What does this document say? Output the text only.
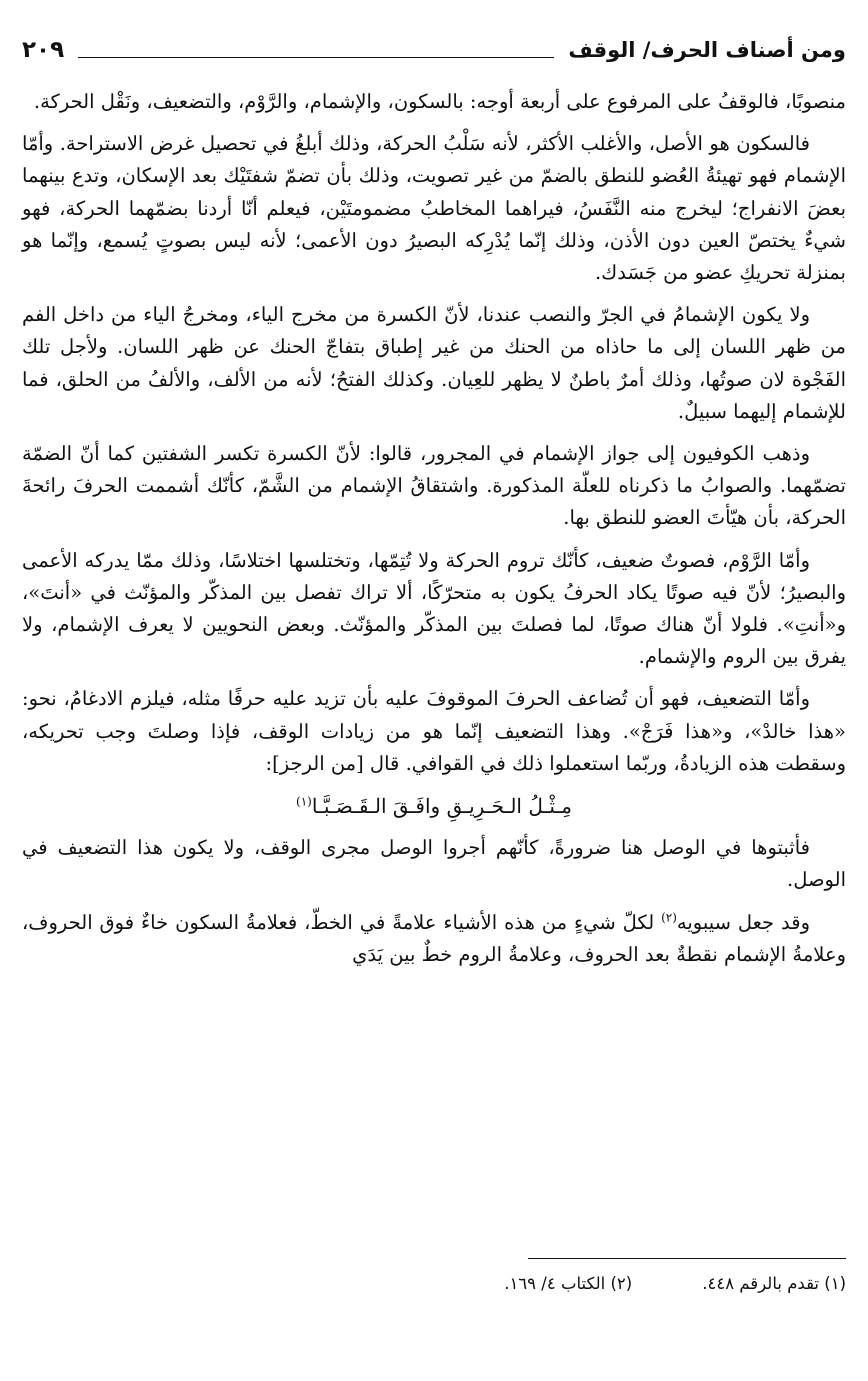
ومن أصناف الحرف/ الوقف
٢٠٩

منصوبًا، فالوقفُ على المرفوع على أربعة أوجه: بالسكون، والإشمام، والرَّوْم، والتضعيف، ونَقْل الحركة.

فالسكون هو الأصل، والأغلب الأكثر، لأنه سَلْبُ الحركة، وذلك أبلغُ في تحصيل غرض الاستراحة. وأمّا الإشمام فهو تهيئةُ العُضو للنطق بالضمّ من غير تصويت، وذلك بأن تضمّ شفتَيْك بعد الإسكان، وتدع بينهما بعضَ الانفراج؛ ليخرج منه النَّفَسُ، فيراهما المخاطبُ مضمومتَيْن، فيعلم أنّا أردنا بضمّهما الحركة، فهو شيءٌ يختصّ العين دون الأذن، وذلك إنّما يُدْرِكه البصيرُ دون الأعمى؛ لأنه ليس بصوتٍ يُسمع، وإنّما هو بمنزلة تحريكِ عضو من جَسَدك.

ولا يكون الإشمامُ في الجرّ والنصب عندنا، لأنّ الكسرة من مخرج الياء، ومخرجُ الياء من داخل الفم من ظهر اللسان إلى ما حاذاه من الحنك من غير إطباق بتفاجّ الحنك عن ظهر اللسان. ولأجل تلك الفَجْوة لان صوتُها، وذلك أمرٌ باطنٌ لا يظهر للعِيان. وكذلك الفتحُ؛ لأنه من الألف، والألفُ من الحلق، فما للإشمام إليهما سبيلٌ.

وذهب الكوفيون إلى جواز الإشمام في المجرور، قالوا: لأنّ الكسرة تكسر الشفتين كما أنّ الضمّة تضمّهما. والصوابُ ما ذكرناه للعلّة المذكورة. واشتقاقُ الإشمام من الشَّمّ، كأنّك أشممت الحرفَ رائحةَ الحركة، بأن هيّأتَ العضو للنطق بها.

وأمّا الرَّوْم، فصوتٌ ضعيف، كأنّك تروم الحركة ولا تُتِمّها، وتختلسها اختلاسًا، وذلك ممّا يدركه الأعمى والبصيرُ؛ لأنّ فيه صوتًا يكاد الحرفُ يكون به متحرّكًا، ألا تراك تفصل بين المذكّر والمؤنّث في «أنتَ»، و«أنتِ». فلولا أنّ هناك صوتًا، لما فصلتَ بين المذكّر والمؤنّث. وبعض النحويين لا يعرف الإشمام، ولا يفرق بين الروم والإشمام.

وأمّا التضعيف، فهو أن تُضاعف الحرفَ الموقوفَ عليه بأن تزيد عليه حرفًا مثله، فيلزم الادغامُ، نحو: «هذا خالدْ»، و«هذا فَرَجْ». وهذا التضعيف إنّما هو من زيادات الوقف، فإذا وصلتَ وجب تحريكه، وسقطت هذه الزيادةُ، وربّما استعملوا ذلك في القوافي. قال [من الرجز]:

مِـثْـلُ الـحَـرِيـقِ وافَـقَ الـقَـصَـبَّـا$^{(١)}$

فأثبتوها في الوصل هنا ضرورةً، كأنّهم أجروا الوصل مجرى الوقف، ولا يكون هذا التضعيف في الوصل.

وقد جعل سيبويه$^{(٢)}$ لكلّ شيءٍ من هذه الأشياء علامةً في الخطّ، فعلامةُ السكون خاءٌ فوق الحروف، وعلامةُ الإشمام نقطةٌ بعد الحروف، وعلامةُ الروم خطٌ بين يَدَي

(١) تقدم بالرقم ٤٤٨.
(٢) الكتاب ٤/ ١٦٩.
